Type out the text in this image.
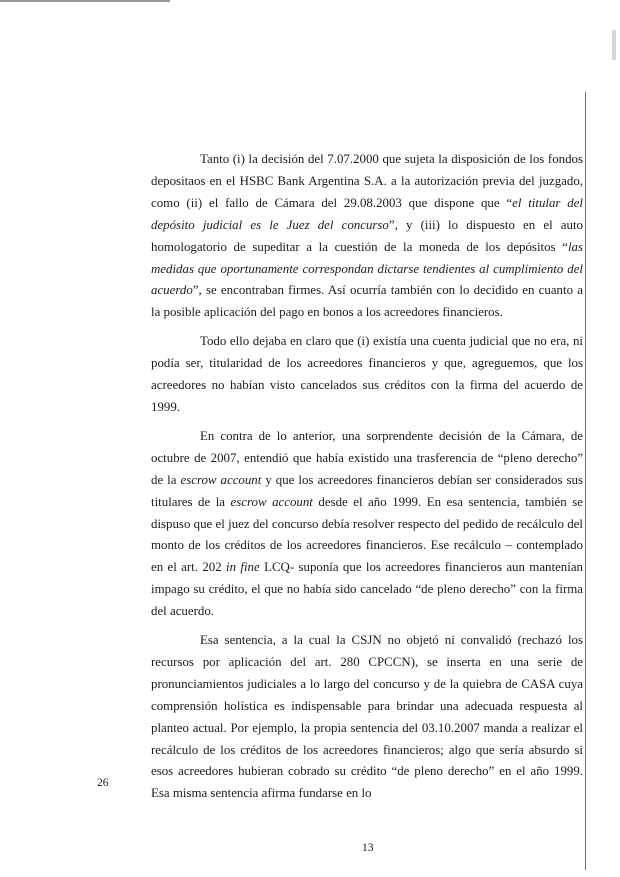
Tanto (i) la decisión del 7.07.2000 que sujeta la disposición de los fondos depositaos en el HSBC Bank Argentina S.A. a la autorización previa del juzgado, como (ii) el fallo de Cámara del 29.08.2003 que dispone que “el titular del depósito judicial es le Juez del concurso”, y (iii) lo dispuesto en el auto homologatorio de supeditar a la cuestión de la moneda de los depósitos “las medidas que oportunamente correspondan dictarse tendientes al cumplimiento del acuerdo”, se encontraban firmes. Así ocurría también con lo decidido en cuanto a la posible aplicación del pago en bonos a los acreedores financieros.

Todo ello dejaba en claro que (i) existía una cuenta judicial que no era, ni podía ser, titularidad de los acreedores financieros y que, agreguemos, que los acreedores no habían visto cancelados sus créditos con la firma del acuerdo de 1999.

En contra de lo anterior, una sorprendente decisión de la Cámara, de octubre de 2007, entendió que había existido una trasferencia de “pleno derecho” de la escrow account y que los acreedores financieros debían ser considerados sus titulares de la escrow account desde el año 1999. En esa sentencia, también se dispuso que el juez del concurso debía resolver respecto del pedido de recálculo del monto de los créditos de los acreedores financieros. Ese recálculo – contemplado en el art. 202 in fine LCQ- suponía que los acreedores financieros aun mantenían impago su crédito, el que no había sido cancelado “de pleno derecho” con la firma del acuerdo.

Esa sentencia, a la cual la CSJN no objetó ni convalidó (rechazó los recursos por aplicación del art. 280 CPCCN), se inserta en una serie de pronunciamientos judiciales a lo largo del concurso y de la quiebra de CASA cuya comprensión holística es indispensable para brindar una adecuada respuesta al planteo actual. Por ejemplo, la propia sentencia del 03.10.2007 manda a realizar el recálculo de los créditos de los acreedores financieros; algo que sería absurdo si esos acreedores hubieran cobrado su crédito “de pleno derecho” en el año 1999. Esa misma sentencia afirma fundarse en lo

26
13
